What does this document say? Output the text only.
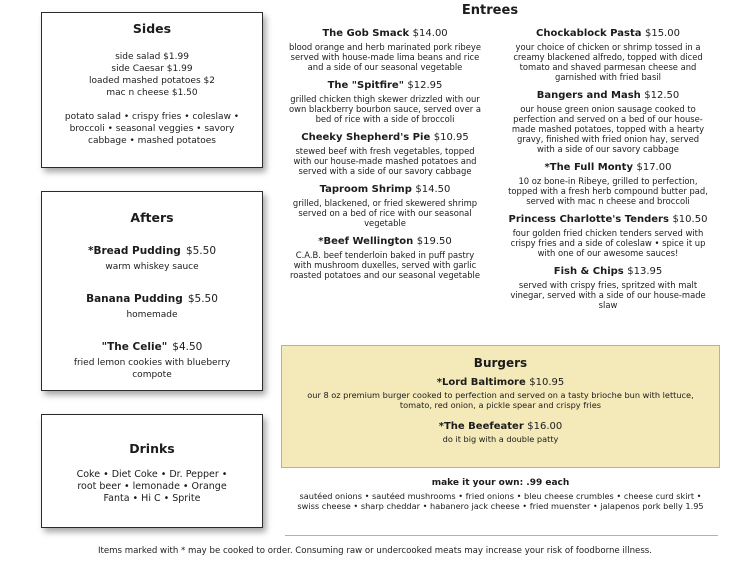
Sides
side salad $1.99
side Caesar $1.99
loaded mashed potatoes $2
mac n cheese $1.50
potato salad • crispy fries • coleslaw •
broccoli • seasonal veggies • savory
cabbage • mashed potatoes
Afters
*Bread Pudding $5.50
warm whiskey sauce
Banana Pudding $5.50
homemade
"The Celie" $4.50
fried lemon cookies with blueberry compote
Drinks
Coke • Diet Coke • Dr. Pepper •
root beer • lemonade • Orange
Fanta • Hi C • Sprite
Entrees
The Gob Smack $14.00
blood orange and herb marinated pork ribeye served with house-made lima beans and rice and a side of our seasonal vegetable
The "Spitfire" $12.95
grilled chicken thigh skewer drizzled with our own blackberry bourbon sauce, served over a bed of rice with a side of broccoli
Cheeky Shepherd's Pie $10.95
stewed beef with fresh vegetables, topped with our house-made mashed potatoes and served with a side of our savory cabbage
Taproom Shrimp $14.50
grilled, blackened, or fried skewered shrimp served on a bed of rice with our seasonal vegetable
*Beef Wellington $19.50
C.A.B. beef tenderloin baked in puff pastry with mushroom duxelles, served with garlic roasted potatoes and our seasonal vegetable
Chockablock Pasta $15.00
your choice of chicken or shrimp tossed in a creamy blackened alfredo, topped with diced tomato and shaved parmesan cheese and garnished with fried basil
Bangers and Mash $12.50
our house green onion sausage cooked to perfection and served on a bed of our house-made mashed potatoes, topped with a hearty gravy, finished with fried onion hay, served with a side of our savory cabbage
*The Full Monty $17.00
10 oz bone-in Ribeye, grilled to perfection, topped with a fresh herb compound butter pad, served with mac n cheese and broccoli
Princess Charlotte's Tenders $10.50
four golden fried chicken tenders served with crispy fries and a side of coleslaw • spice it up with one of our awesome sauces!
Fish & Chips $13.95
served with crispy fries, spritzed with malt vinegar, served with a side of our house-made slaw
Burgers
*Lord Baltimore $10.95
our 8 oz premium burger cooked to perfection and served on a tasty brioche bun with lettuce, tomato, red onion, a pickle spear and crispy fries
*The Beefeater $16.00
do it big with a double patty
make it your own: .99 each
sautéed onions • sautéed mushrooms • fried onions • bleu cheese crumbles • cheese curd skirt • swiss cheese • sharp cheddar • habanero jack cheese • fried muenster • jalapenos pork belly 1.95
Items marked with * may be cooked to order. Consuming raw or undercooked meats may increase your risk of foodborne illness.
